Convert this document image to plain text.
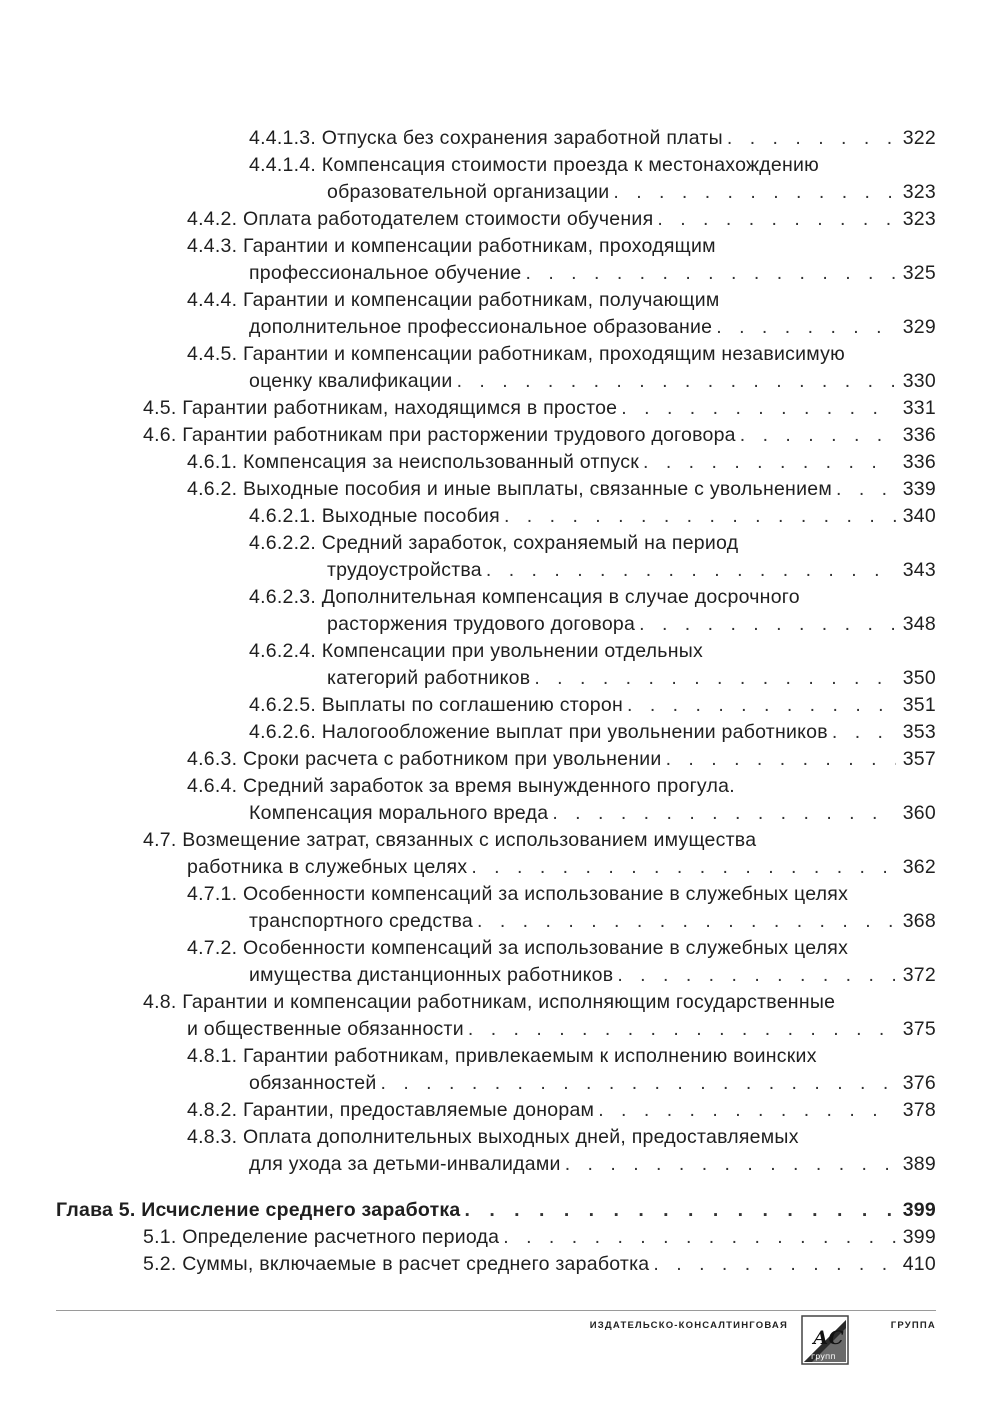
4.4.1.3. Отпуска без сохранения заработной платы . . .	322
4.4.1.4. Компенсация стоимости проезда к местонахождению
образовательной организации . . .	323
4.4.2. Оплата работодателем стоимости обучения . . .	323
4.4.3. Гарантии и компенсации работникам, проходящим
профессиональное обучение . . .	325
4.4.4. Гарантии и компенсации работникам, получающим
дополнительное профессиональное образование . . .	329
4.4.5. Гарантии и компенсации работникам, проходящим независимую
оценку квалификации . . .	330
4.5. Гарантии работникам, находящимся в простое . . .	331
4.6. Гарантии работникам при расторжении трудового договора . . .	336
4.6.1. Компенсация за неиспользованный отпуск . . .	336
4.6.2. Выходные пособия и иные выплаты, связанные с увольнением . . .	339
4.6.2.1. Выходные пособия . . .	340
4.6.2.2. Средний заработок, сохраняемый на период
трудоустройства . . .	343
4.6.2.3. Дополнительная компенсация в случае досрочного
расторжения трудового договора . . .	348
4.6.2.4. Компенсации при увольнении отдельных
категорий работников . . .	350
4.6.2.5. Выплаты по соглашению сторон . . .	351
4.6.2.6. Налогообложение выплат при увольнении работников . . .	353
4.6.3. Сроки расчета с работником при увольнении . . .	357
4.6.4. Средний заработок за время вынужденного прогула.
Компенсация морального вреда . . .	360
4.7. Возмещение затрат, связанных с использованием имущества
работника в служебных целях . . .	362
4.7.1. Особенности компенсаций за использование в служебных целях
транспортного средства . . .	368
4.7.2. Особенности компенсаций за использование в служебных целях
имущества дистанционных работников . . .	372
4.8. Гарантии и компенсации работникам, исполняющим государственные
и общественные обязанности . . .	375
4.8.1. Гарантии работникам, привлекаемым к исполнению воинских
обязанностей . . .	376
4.8.2. Гарантии, предоставляемые донорам . . .	378
4.8.3. Оплата дополнительных выходных дней, предоставляемых
для ухода за детьми-инвалидами . . .	389
Глава 5. Исчисление среднего заработка . . .	399
5.1. Определение расчетного периода . . .	399
5.2. Суммы, включаемые в расчет среднего заработка . . .	410
ИЗДАТЕЛЬСКО-КОНСАЛТИНГОВАЯ
АС
групп
ГРУППА
